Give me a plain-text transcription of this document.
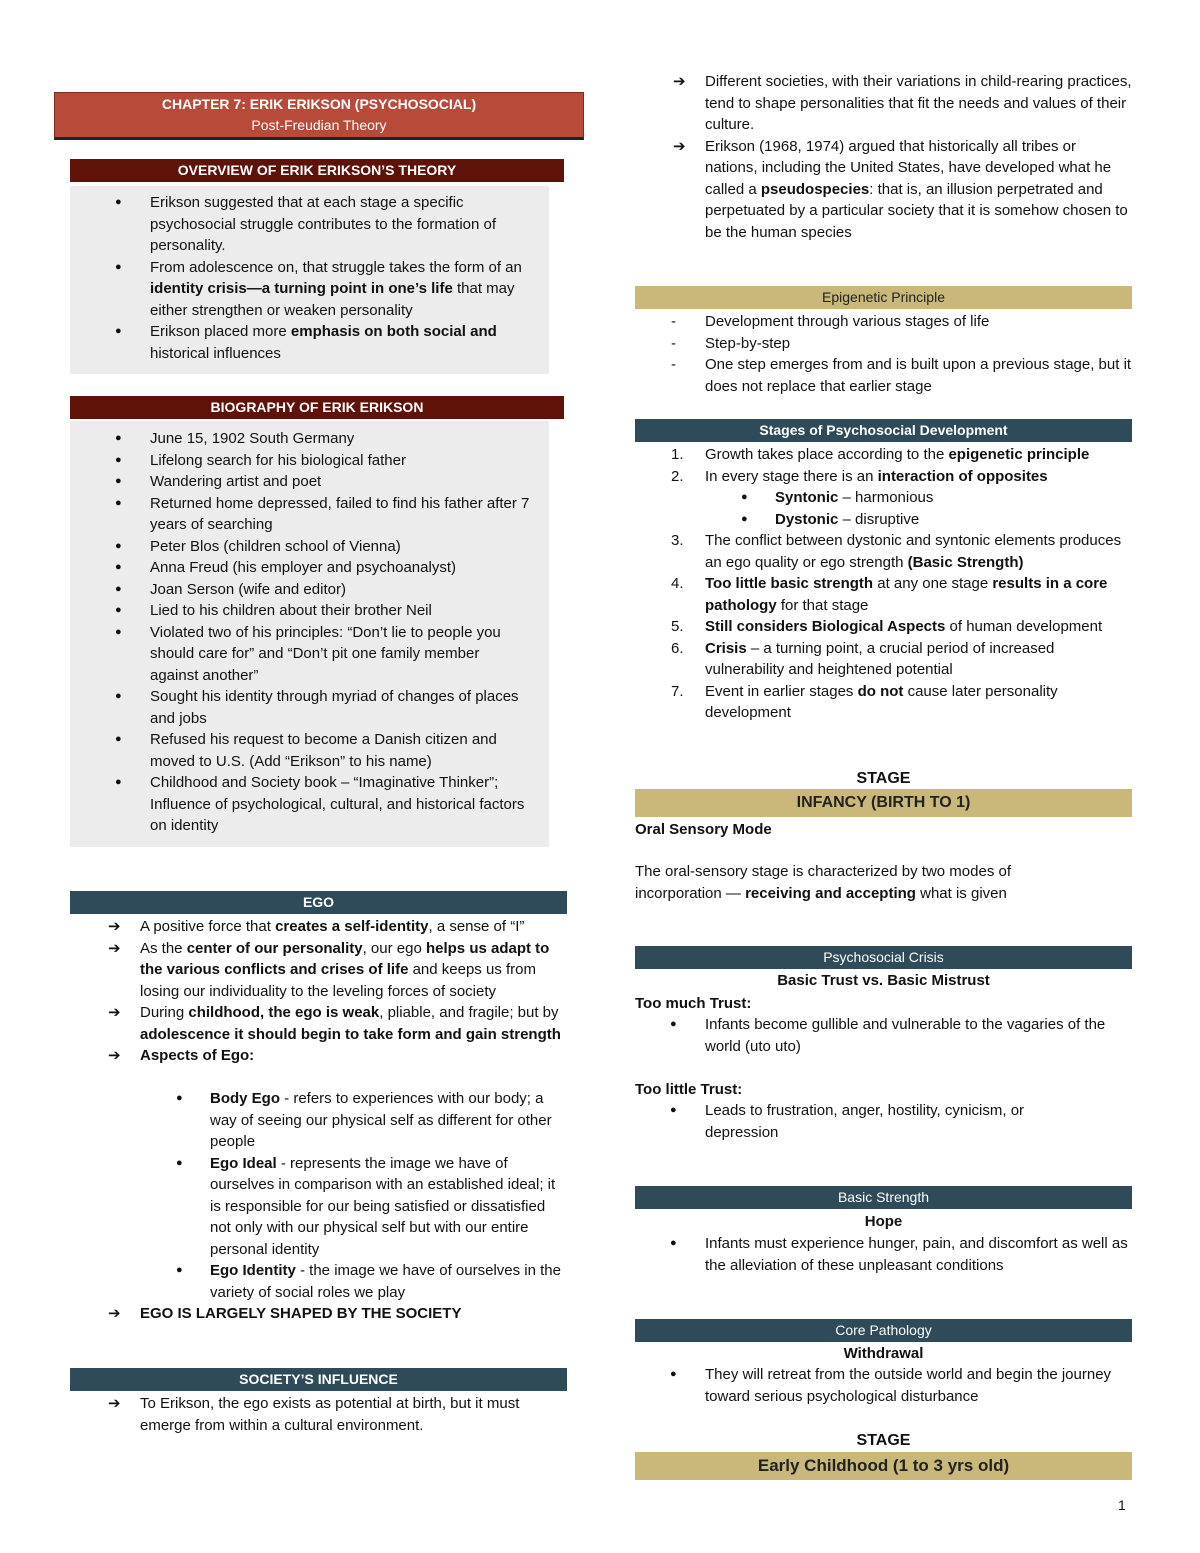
CHAPTER 7: ERIK ERIKSON (PSYCHOSOCIAL)
Post-Freudian Theory
OVERVIEW OF ERIK ERIKSON’S THEORY
● Erikson suggested that at each stage a specific psychosocial struggle contributes to the formation of personality.
● From adolescence on, that struggle takes the form of an identity crisis—a turning point in one’s life that may either strengthen or weaken personality
● Erikson placed more emphasis on both social and historical influences
BIOGRAPHY OF ERIK ERIKSON
● June 15, 1902 South Germany
● Lifelong search for his biological father
● Wandering artist and poet
● Returned home depressed, failed to find his father after 7 years of searching
● Peter Blos (children school of Vienna)
● Anna Freud (his employer and psychoanalyst)
● Joan Serson (wife and editor)
● Lied to his children about their brother Neil
● Violated two of his principles: “Don’t lie to people you should care for” and “Don’t pit one family member against another”
● Sought his identity through myriad of changes of places and jobs
● Refused his request to become a Danish citizen and moved to U.S. (Add “Erikson” to his name)
● Childhood and Society book – “Imaginative Thinker”; Influence of psychological, cultural, and historical factors on identity
EGO
➔ A positive force that creates a self-identity, a sense of “I”
➔ As the center of our personality, our ego helps us adapt to the various conflicts and crises of life and keeps us from losing our individuality to the leveling forces of society
➔ During childhood, the ego is weak, pliable, and fragile; but by adolescence it should begin to take form and gain strength
➔ Aspects of Ego:
● Body Ego - refers to experiences with our body; a way of seeing our physical self as different for other people
● Ego Ideal - represents the image we have of ourselves in comparison with an established ideal; it is responsible for our being satisfied or dissatisfied not only with our physical self but with our entire personal identity
● Ego Identity - the image we have of ourselves in the variety of social roles we play
➔ EGO IS LARGELY SHAPED BY THE SOCIETY
SOCIETY’S INFLUENCE
➔ To Erikson, the ego exists as potential at birth, but it must emerge from within a cultural environment.
➔ Different societies, with their variations in child-rearing practices, tend to shape personalities that fit the needs and values of their culture.
➔ Erikson (1968, 1974) argued that historically all tribes or nations, including the United States, have developed what he called a pseudospecies: that is, an illusion perpetrated and perpetuated by a particular society that it is somehow chosen to be the human species
Epigenetic Principle
- Development through various stages of life
- Step-by-step
- One step emerges from and is built upon a previous stage, but it does not replace that earlier stage
Stages of Psychosocial Development
1. Growth takes place according to the epigenetic principle
2. In every stage there is an interaction of opposites
● Syntonic – harmonious
● Dystonic – disruptive
3. The conflict between dystonic and syntonic elements produces an ego quality or ego strength (Basic Strength)
4. Too little basic strength at any one stage results in a core pathology for that stage
5. Still considers Biological Aspects of human development
6. Crisis – a turning point, a crucial period of increased vulnerability and heightened potential
7. Event in earlier stages do not cause later personality development
STAGE
INFANCY (BIRTH TO 1)
Oral Sensory Mode
The oral-sensory stage is characterized by two modes of incorporation — receiving and accepting what is given
Psychosocial Crisis
Basic Trust vs. Basic Mistrust
Too much Trust:
● Infants become gullible and vulnerable to the vagaries of the world (uto uto)
Too little Trust:
● Leads to frustration, anger, hostility, cynicism, or depression
Basic Strength
Hope
● Infants must experience hunger, pain, and discomfort as well as the alleviation of these unpleasant conditions
Core Pathology
Withdrawal
● They will retreat from the outside world and begin the journey toward serious psychological disturbance
STAGE
Early Childhood (1 to 3 yrs old)
1
